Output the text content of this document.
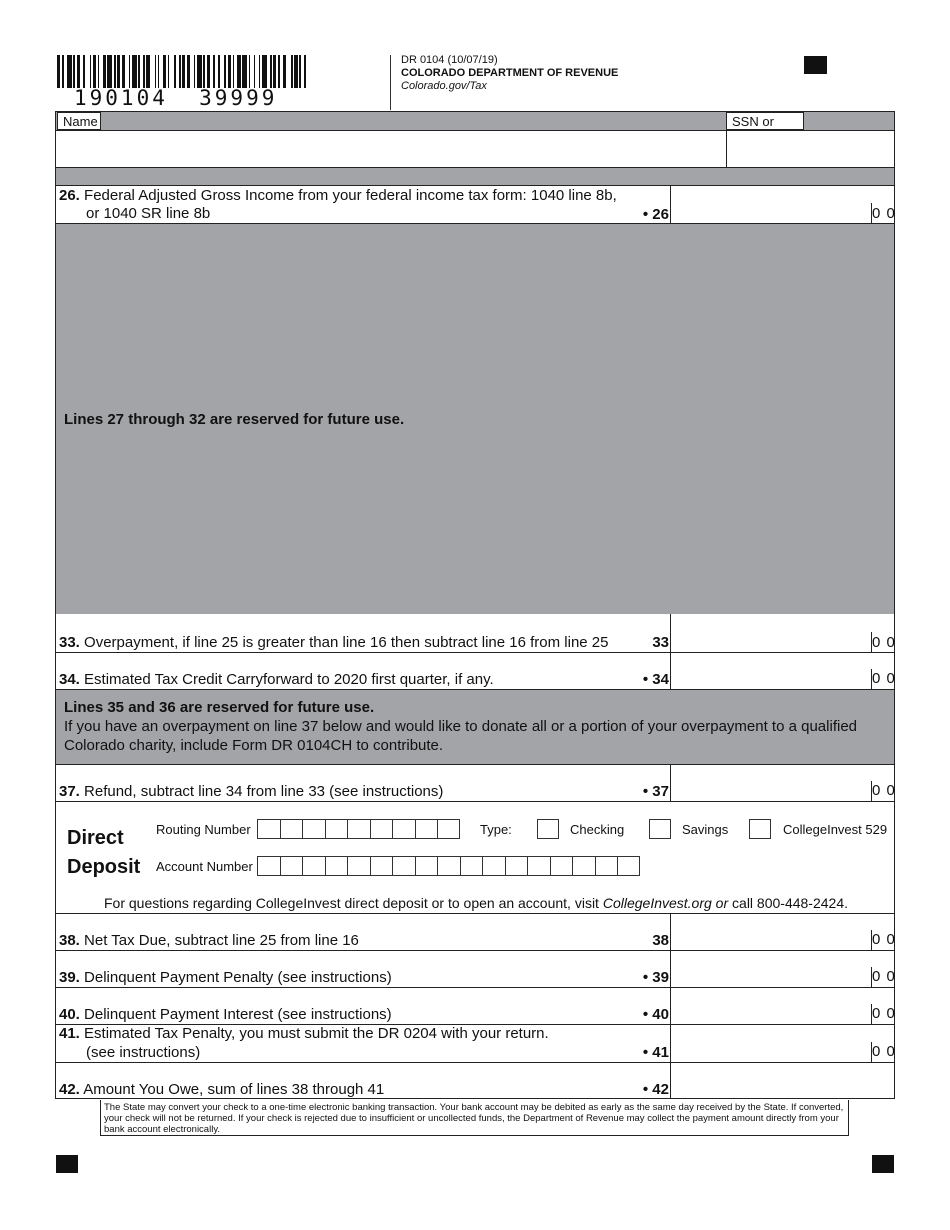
190104  39999
DR 0104 (10/07/19)
COLORADO DEPARTMENT OF REVENUE
Colorado.gov/Tax
Name	SSN or
26. Federal Adjusted Gross Income from your federal income tax form: 1040 line 8b,
or 1040 SR line 8b	• 26	0 0
Lines 27 through 32 are reserved for future use.
33. Overpayment, if line 25 is greater than line 16 then subtract line 16 from line 25	33	0 0
34. Estimated Tax Credit Carryforward to 2020 first quarter, if any.	• 34	0 0
Lines 35 and 36 are reserved for future use.
If you have an overpayment on line 37 below and would like to donate all or a portion of your overpayment to a qualified Colorado charity, include Form DR 0104CH to contribute.
37. Refund, subtract line 34 from line 33 (see instructions)	• 37	0 0
Direct
Deposit
Routing Number	Type:	Checking	Savings	CollegeInvest 529
Account Number
For questions regarding CollegeInvest direct deposit or to open an account, visit CollegeInvest.org or call 800-448-2424.
38. Net Tax Due, subtract line 25 from line 16	38	0 0
39. Delinquent Payment Penalty (see instructions)	• 39	0 0
40. Delinquent Payment Interest (see instructions)	• 40	0 0
41. Estimated Tax Penalty, you must submit the DR 0204 with your return.
(see instructions)	• 41	0 0
42. Amount You Owe, sum of lines 38 through 41	• 42
The State may convert your check to a one-time electronic banking transaction. Your bank account may be debited as early as the same day received by the State. If converted, your check will not be returned. If your check is rejected due to insufficient or uncollected funds, the Department of Revenue may collect the payment amount directly from your bank account electronically.
